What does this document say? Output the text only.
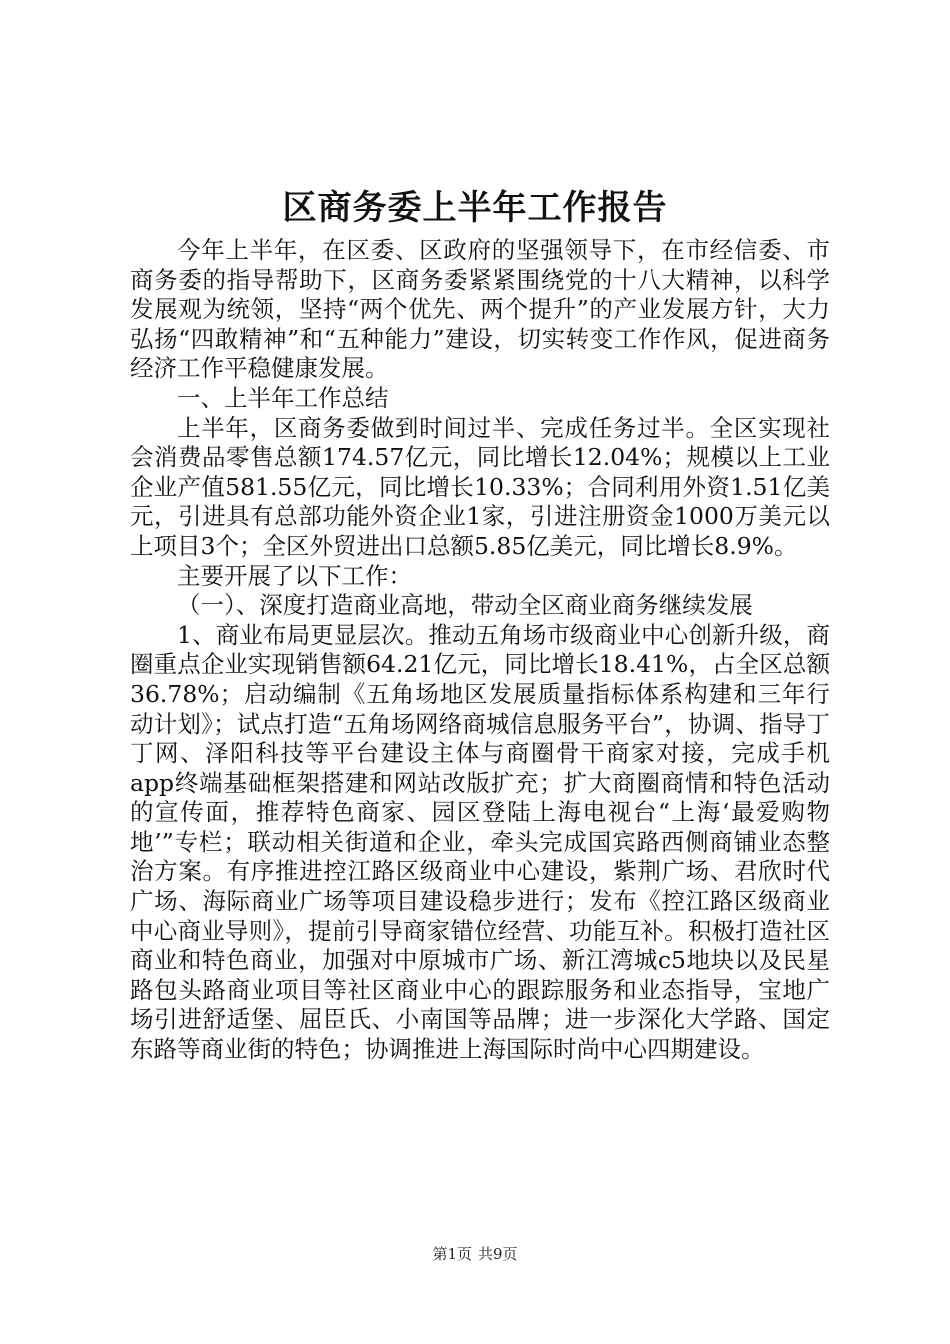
区商务委上半年工作报告

今年上半年，在区委、区政府的坚强领导下，在市经信委、市商务委的指导帮助下，区商务委紧紧围绕党的十八大精神，以科学发展观为统领，坚持“两个优先、两个提升”的产业发展方针，大力弘扬“四敢精神”和“五种能力”建设，切实转变工作作风，促进商务经济工作平稳健康发展。

一、上半年工作总结

上半年，区商务委做到时间过半、完成任务过半。全区实现社会消费品零售总额174.57亿元，同比增长12.04%；规模以上工业企业产值581.55亿元，同比增长10.33%；合同利用外资1.51亿美元，引进具有总部功能外资企业1家，引进注册资金1000万美元以上项目3个；全区外贸进出口总额5.85亿美元，同比增长8.9%。

主要开展了以下工作：

（一）、深度打造商业高地，带动全区商业商务继续发展

1、商业布局更显层次。推动五角场市级商业中心创新升级，商圈重点企业实现销售额64.21亿元，同比增长18.41%，占全区总额36.78%；启动编制《五角场地区发展质量指标体系构建和三年行动计划》；试点打造“五角场网络商城信息服务平台”，协调、指导丁丁网、泽阳科技等平台建设主体与商圈骨干商家对接，完成手机app终端基础框架搭建和网站改版扩充；扩大商圈商情和特色活动的宣传面，推荐特色商家、园区登陆上海电视台“上海‘最爱购物地’”专栏；联动相关街道和企业，牵头完成国宾路西侧商铺业态整治方案。有序推进控江路区级商业中心建设，紫荆广场、君欣时代广场、海际商业广场等项目建设稳步进行；发布《控江路区级商业中心商业导则》，提前引导商家错位经营、功能互补。积极打造社区商业和特色商业，加强对中原城市广场、新江湾城c5地块以及民星路包头路商业项目等社区商业中心的跟踪服务和业态指导，宝地广场引进舒适堡、屈臣氏、小南国等品牌；进一步深化大学路、国定东路等商业街的特色；协调推进上海国际时尚中心四期建设。

第1页 共9页
